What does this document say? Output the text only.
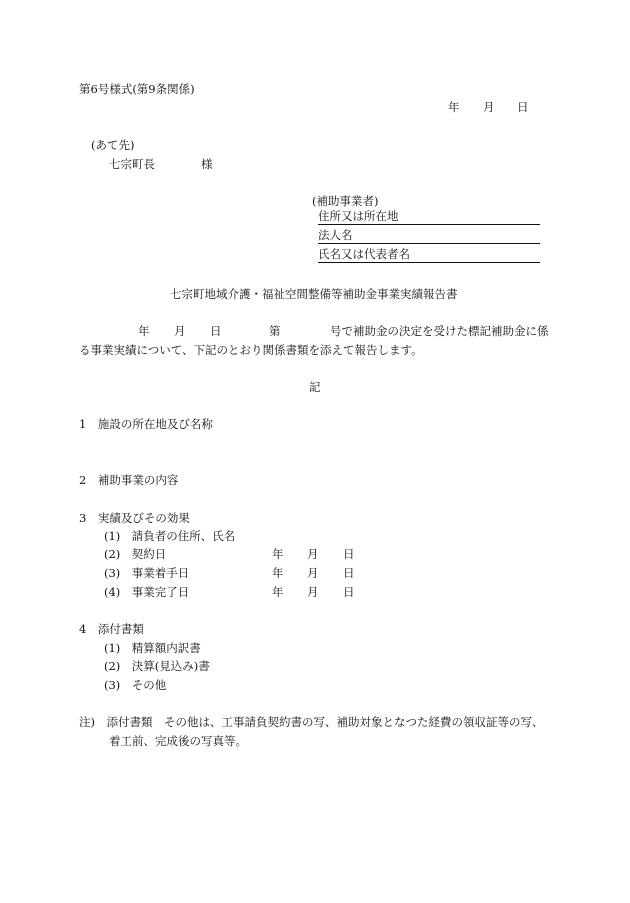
第6号様式(第9条関係)
年 月 日
(あて先)
七宗町長	様
(補助事業者)
住所又は所在地
法人名
氏名又は代表者名
七宗町地域介護・福祉空間整備等補助金事業実績報告書
年 月 日	第	号で補助金の決定を受けた標記補助金に係
る事業実績について、下記のとおり関係書類を添えて報告します。
記
1　施設の所在地及び名称
2　補助事業の内容
3　実績及びその効果
(1)　請負者の住所、氏名
(2)　契約日	年 月 日
(3)　事業着手日	年 月 日
(4)　事業完了日	年 月 日
4　添付書類
(1)　精算額内訳書
(2)　決算(見込み)書
(3)　その他
注)　添付書類　その他は、工事請負契約書の写、補助対象となつた経費の領収証等の写、
着工前、完成後の写真等。
